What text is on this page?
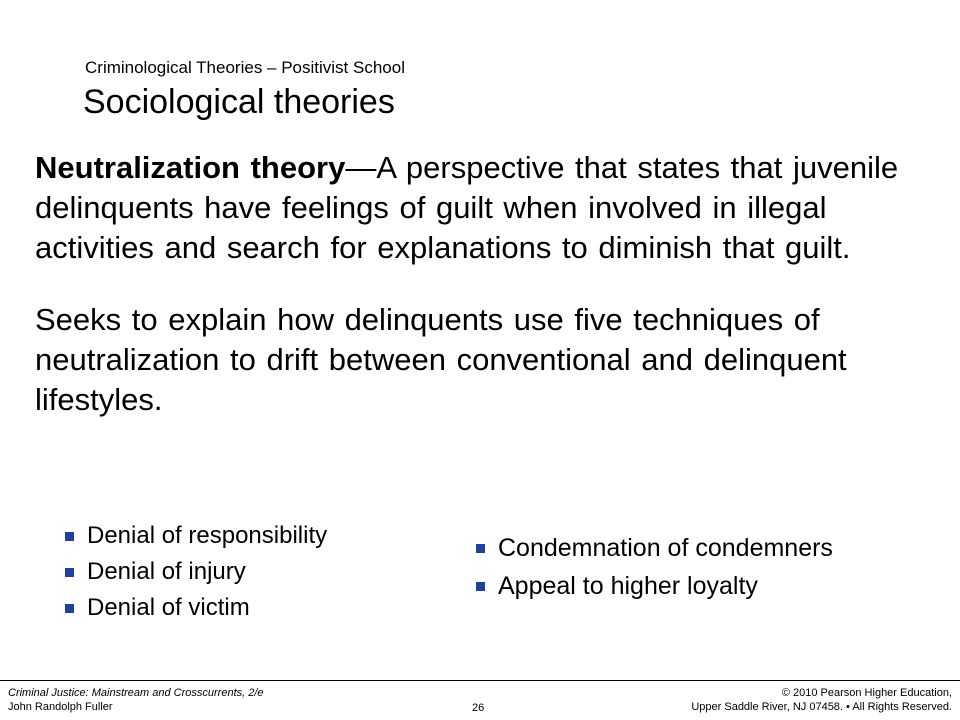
Criminological Theories – Positivist School
Sociological theories

Neutralization theory—A perspective that states that juvenile delinquents have feelings of guilt when involved in illegal activities and search for explanations to diminish that guilt.

Seeks to explain how delinquents use five techniques of neutralization to drift between conventional and delinquent lifestyles.

Denial of responsibility
Denial of injury
Denial of victim
Condemnation of condemners
Appeal to higher loyalty
Criminal Justice: Mainstream and Crosscurrents, 2/e
John Randolph Fuller	26
© 2010 Pearson Higher Education,
Upper Saddle River, NJ 07458. • All Rights Reserved.
